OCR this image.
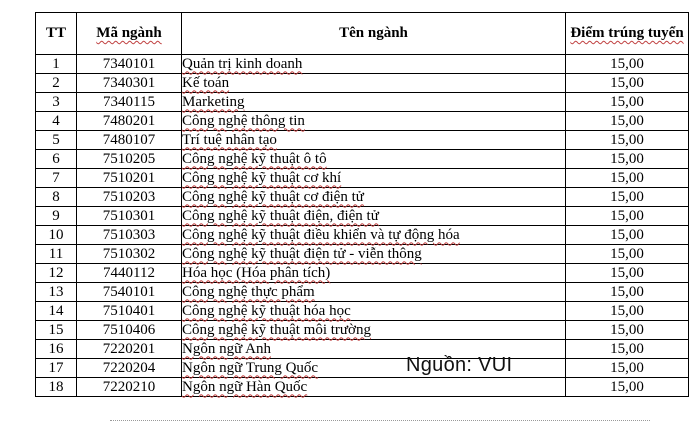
TT	Mã ngành	Tên ngành	Điểm trúng tuyển
1	7340101	Quản trị kinh doanh	15,00
2	7340301	Kế toán	15,00
3	7340115	Marketing	15,00
4	7480201	Công nghệ thông tin	15,00
5	7480107	Trí tuệ nhân tạo	15,00
6	7510205	Công nghệ kỹ thuật ô tô	15,00
7	7510201	Công nghệ kỹ thuật cơ khí	15,00
8	7510203	Công nghệ kỹ thuật cơ điện tử	15,00
9	7510301	Công nghệ kỹ thuật điện, điện tử	15,00
10	7510303	Công nghệ kỹ thuật điều khiển và tự động hóa	15,00
11	7510302	Công nghệ kỹ thuật điện tử - viễn thông	15,00
12	7440112	Hóa học (Hóa phân tích)	15,00
13	7540101	Công nghệ thực phẩm	15,00
14	7510401	Công nghệ kỹ thuật hóa học	15,00
15	7510406	Công nghệ kỹ thuật môi trường	15,00
16	7220201	Ngôn ngữ Anh	15,00
17	7220204	Ngôn ngữ Trung Quốc	15,00
18	7220210	Ngôn ngữ Hàn Quốc	15,00
Nguồn: VUI
